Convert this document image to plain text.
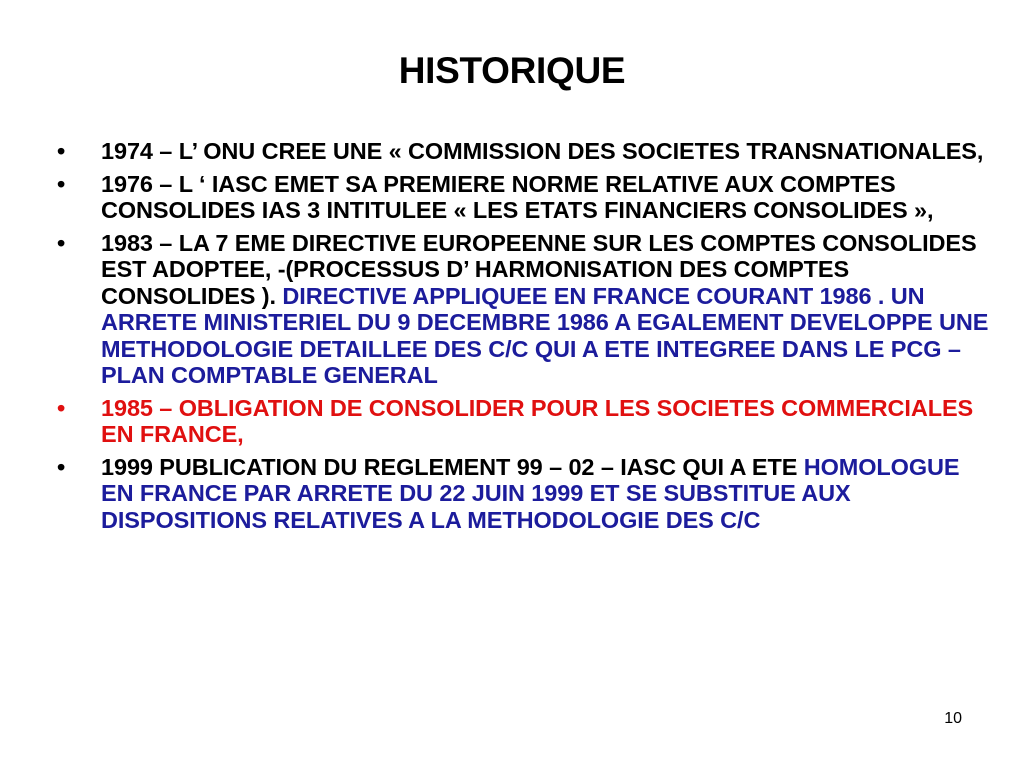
HISTORIQUE
• 1974 – L’ ONU CREE UNE « COMMISSION DES SOCIETES TRANSNATIONALES,
• 1976 – L ‘ IASC EMET SA PREMIERE NORME RELATIVE AUX COMPTES CONSOLIDES IAS 3 INTITULEE « LES ETATS FINANCIERS CONSOLIDES »,
• 1983 – LA 7 EME DIRECTIVE EUROPEENNE SUR LES COMPTES CONSOLIDES EST ADOPTEE, -(PROCESSUS D’ HARMONISATION DES COMPTES CONSOLIDES ). DIRECTIVE APPLIQUEE EN FRANCE COURANT 1986 . UN ARRETE MINISTERIEL DU 9 DECEMBRE 1986 A EGALEMENT DEVELOPPE UNE METHODOLOGIE DETAILLEE DES C/C QUI A ETE INTEGREE DANS LE PCG – PLAN COMPTABLE GENERAL
• 1985 – OBLIGATION DE CONSOLIDER POUR LES SOCIETES COMMERCIALES EN FRANCE,
• 1999 PUBLICATION DU REGLEMENT 99 – 02 – IASC QUI A ETE HOMOLOGUE EN FRANCE PAR ARRETE DU 22 JUIN 1999 ET SE SUBSTITUE AUX DISPOSITIONS RELATIVES A LA METHODOLOGIE DES C/C
10
